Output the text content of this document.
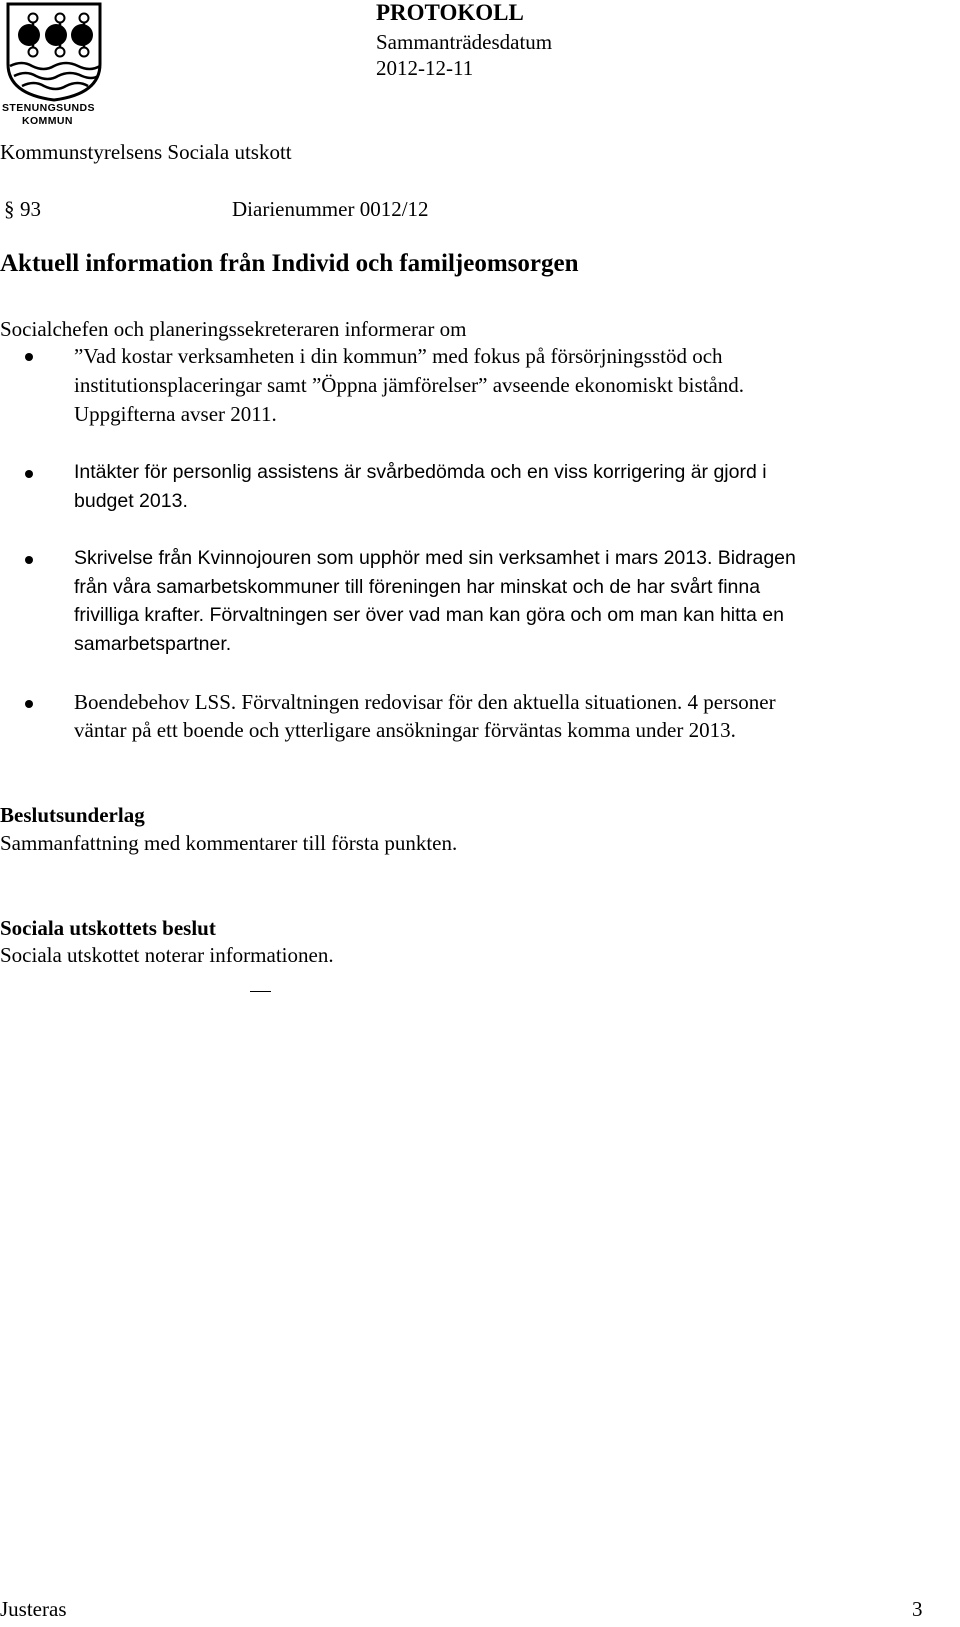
STENUNGSUNDS
KOMMUN
PROTOKOLL
Sammanträdesdatum
2012-12-11
Kommunstyrelsens Sociala utskott
§ 93	Diarienummer 0012/12
Aktuell information från Individ och familjeomsorgen
Socialchefen och planeringssekreteraren informerar om
”Vad kostar verksamheten i din kommun” med fokus på försörjningsstöd och
institutionsplaceringar samt ”Öppna jämförelser” avseende ekonomiskt bistånd.
Uppgifterna avser 2011.
Intäkter för personlig assistens är svårbedömda och en viss korrigering är gjord i
budget 2013.
Skrivelse från Kvinnojouren som upphör med sin verksamhet i mars 2013. Bidragen
från våra samarbetskommuner till föreningen har minskat och de har svårt finna
frivilliga krafter. Förvaltningen ser över vad man kan göra och om man kan hitta en
samarbetspartner.
Boendebehov LSS. Förvaltningen redovisar för den aktuella situationen. 4 personer
väntar på ett boende och ytterligare ansökningar förväntas komma under 2013.
Beslutsunderlag
Sammanfattning med kommentarer till första punkten.
Sociala utskottets beslut
Sociala utskottet noterar informationen.
Justeras	3
